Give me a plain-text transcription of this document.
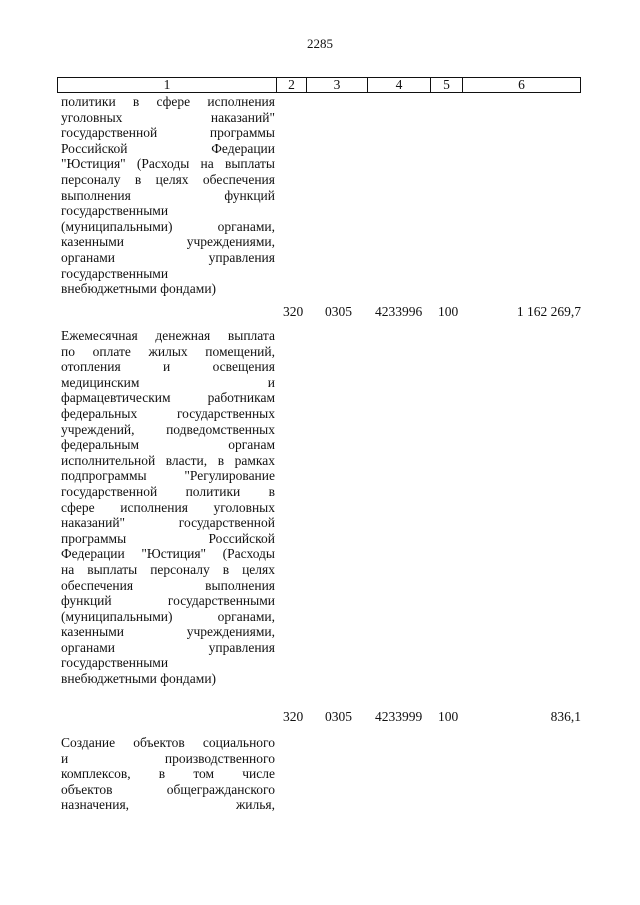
2285
1	2	3	4	5	6
политики в сфере исполнения
уголовных наказаний"
государственной программы
Российской Федерации
"Юстиция" (Расходы на выплаты
персоналу в целях обеспечения
выполнения функций
государственными
(муниципальными) органами,
казенными учреждениями,
органами управления
государственными
внебюджетными фондами)
320 0305 4233996 100	1 162 269,7
Ежемесячная денежная выплата
по оплате жилых помещений,
отопления и освещения
медицинским и
фармацевтическим работникам
федеральных государственных
учреждений, подведомственных
федеральным органам
исполнительной власти, в рамках
подпрограммы "Регулирование
государственной политики в
сфере исполнения уголовных
наказаний" государственной
программы Российской
Федерации "Юстиция" (Расходы
на выплаты персоналу в целях
обеспечения выполнения
функций государственными
(муниципальными) органами,
казенными учреждениями,
органами управления
государственными
внебюджетными фондами)
320 0305 4233999 100	836,1
Создание объектов социального
и производственного
комплексов, в том числе
объектов общегражданского
назначения, жилья,
